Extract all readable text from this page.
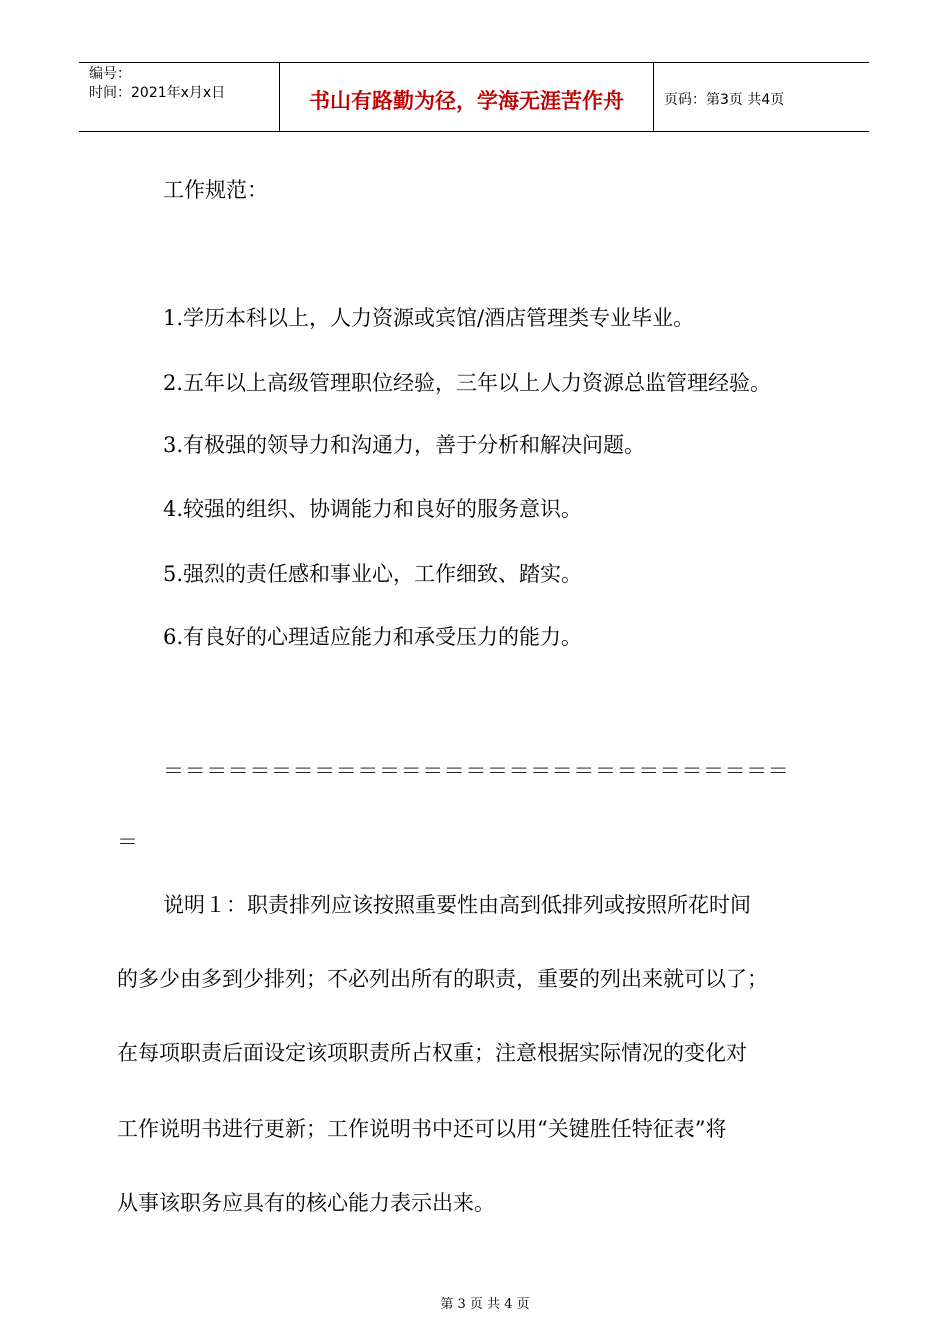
编号：
时间：2021年x月x日	书山有路勤为径，学海无涯苦作舟	页码：第3页 共4页
工作规范：
1.学历本科以上，人力资源或宾馆/酒店管理类专业毕业。
2.五年以上高级管理职位经验，三年以上人力资源总监管理经验。
3.有极强的领导力和沟通力，善于分析和解决问题。
4.较强的组织、协调能力和良好的服务意识。
5.强烈的责任感和事业心，工作细致、踏实。
6.有良好的心理适应能力和承受压力的能力。
＝＝＝＝＝＝＝＝＝＝＝＝＝＝＝＝＝＝＝＝＝＝＝＝＝＝＝＝＝
＝
说明１：职责排列应该按照重要性由高到低排列或按照所花时间
的多少由多到少排列；不必列出所有的职责，重要的列出来就可以了；
在每项职责后面设定该项职责所占权重；注意根据实际情况的变化对
工作说明书进行更新；工作说明书中还可以用“关键胜任特征表”将
从事该职务应具有的核心能力表示出来。
第 3 页 共 4 页
